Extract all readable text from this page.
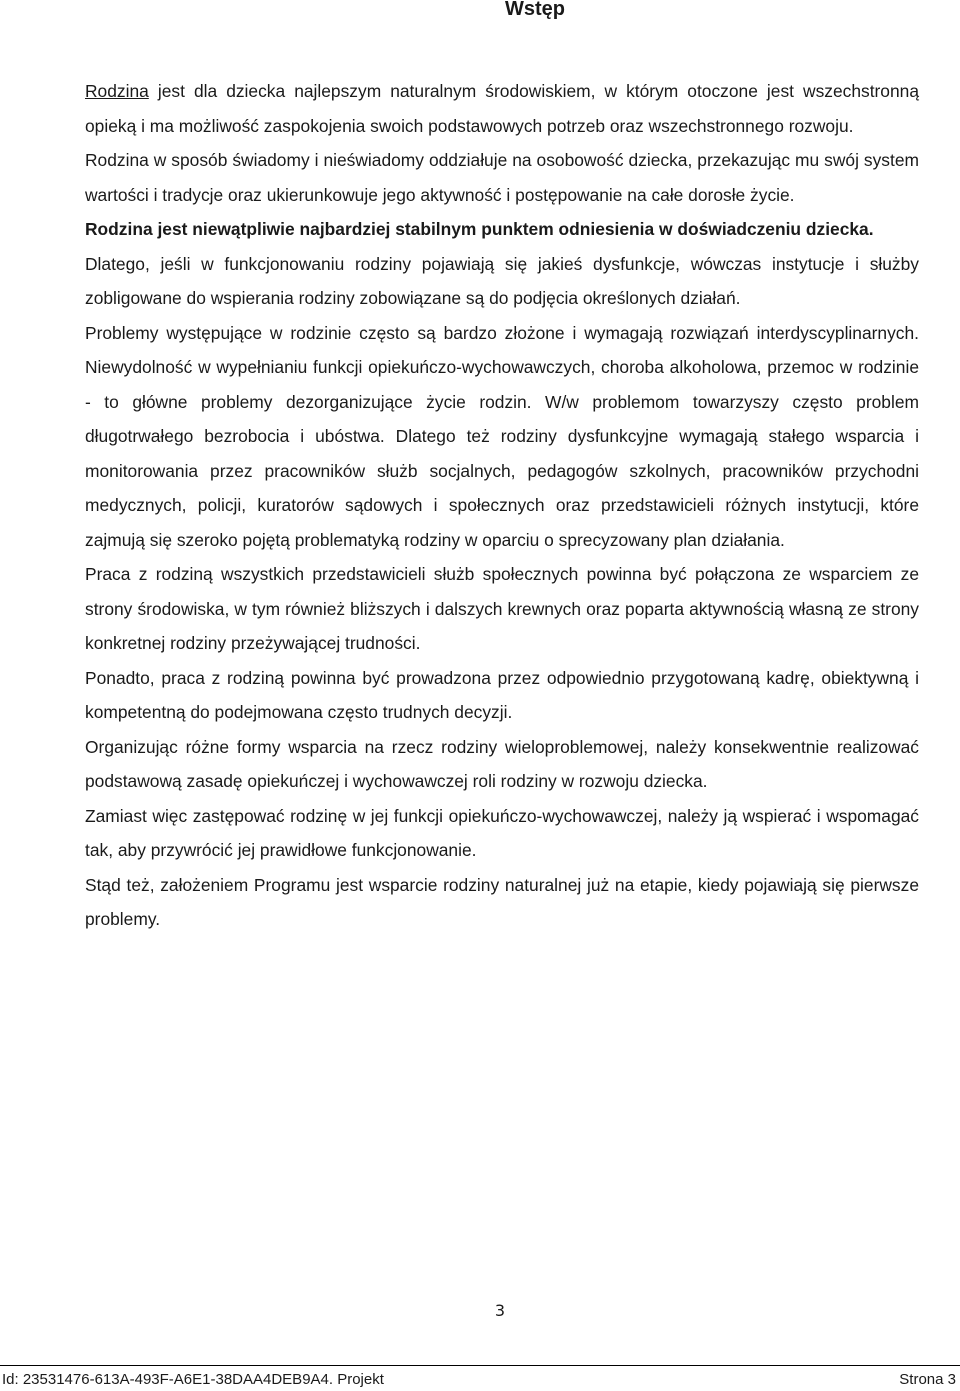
Wstęp

Rodzina jest dla dziecka najlepszym naturalnym środowiskiem, w którym otoczone jest wszechstronną opieką i ma możliwość zaspokojenia swoich podstawowych potrzeb oraz wszechstronnego rozwoju.

Rodzina w sposób świadomy i nieświadomy oddziałuje na osobowość dziecka, przekazując mu swój system wartości i tradycje oraz ukierunkowuje jego aktywność i postępowanie na całe dorosłe życie.

Rodzina jest niewątpliwie najbardziej stabilnym punktem odniesienia w doświadczeniu dziecka.

Dlatego, jeśli w funkcjonowaniu rodziny pojawiają się jakieś dysfunkcje, wówczas instytucje i służby zobligowane do wspierania rodziny zobowiązane są do podjęcia określonych działań.

Problemy występujące w rodzinie często są bardzo złożone i wymagają rozwiązań interdyscyplinarnych. Niewydolność w wypełnianiu funkcji opiekuńczo-wychowawczych, choroba alkoholowa, przemoc w rodzinie - to główne problemy dezorganizujące życie rodzin. W/w problemom towarzyszy często problem długotrwałego bezrobocia i ubóstwa. Dlatego też rodziny dysfunkcyjne wymagają stałego wsparcia i monitorowania przez pracowników służb socjalnych, pedagogów szkolnych, pracowników przychodni medycznych, policji, kuratorów sądowych i społecznych oraz przedstawicieli różnych instytucji, które zajmują się szeroko pojętą problematyką rodziny w oparciu o sprecyzowany plan działania.

Praca z rodziną wszystkich przedstawicieli służb społecznych powinna być połączona ze wsparciem ze strony środowiska, w tym również bliższych i dalszych krewnych oraz poparta aktywnością własną ze strony konkretnej rodziny przeżywającej trudności.

Ponadto, praca z rodziną powinna być prowadzona przez odpowiednio przygotowaną kadrę, obiektywną i kompetentną do podejmowana często trudnych decyzji.

Organizując różne formy wsparcia na rzecz rodziny wieloproblemowej, należy konsekwentnie realizować podstawową zasadę opiekuńczej i wychowawczej roli rodziny w rozwoju dziecka.

Zamiast więc zastępować rodzinę w jej funkcji opiekuńczo-wychowawczej, należy ją wspierać i wspomagać tak, aby przywrócić jej prawidłowe funkcjonowanie.

Stąd też, założeniem Programu jest wsparcie rodziny naturalnej już na etapie, kiedy pojawiają się pierwsze problemy.

3
Id: 23531476-613A-493F-A6E1-38DAA4DEB9A4. Projekt	Strona 3
